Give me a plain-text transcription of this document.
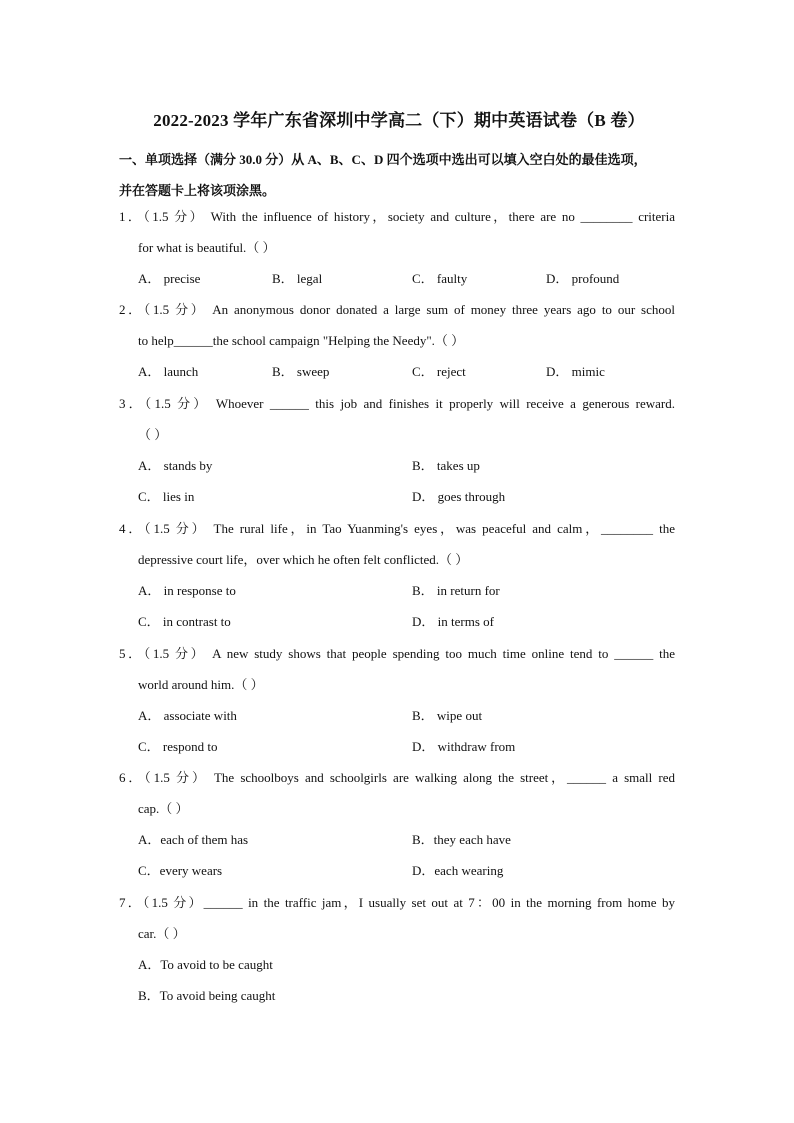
2022-2023 学年广东省深圳中学高二（下）期中英语试卷（B 卷）
一、单项选择（满分 30.0 分）从 A、B、C、D 四个选项中选出可以填入空白处的最佳选项，
并在答题卡上将该项涂黑。
1．（1.5 分） With the influence of history，society and culture，there are no ________ criteria
for what is beautiful.（ ）
A． precise	B． legal	C． faulty	D． profound
2．（1.5 分） An anonymous donor donated a large sum of money three years ago to our school
to help______the school campaign "Helping the Needy".（ ）
A． launch	B． sweep	C． reject	D． mimic
3．（1.5 分） Whoever ______ this job and finishes it properly will receive a generous reward.
（ ）
A． stands by	B． takes up
C． lies in	D． goes through
4．（1.5 分） The rural life，in Tao Yuanming's eyes，was peaceful and calm，________ the
depressive court life，over which he often felt conflicted.（ ）
A． in response to	B． in return for
C． in contrast to	D． in terms of
5．（1.5 分） A new study shows that people spending too much time online tend to ______ the
world around him.（ ）
A． associate with	B． wipe out
C． respond to	D． withdraw from
6．（1.5 分） The schoolboys and schoolgirls are walking along the street，______ a small red
cap.（ ）
A．each of them has	B．they each have
C．every wears	D．each wearing
7．（1.5 分）______ in the traffic jam，I usually set out at 7：00 in the morning from home by
car.（ ）
A．To avoid to be caught
B．To avoid being caught
